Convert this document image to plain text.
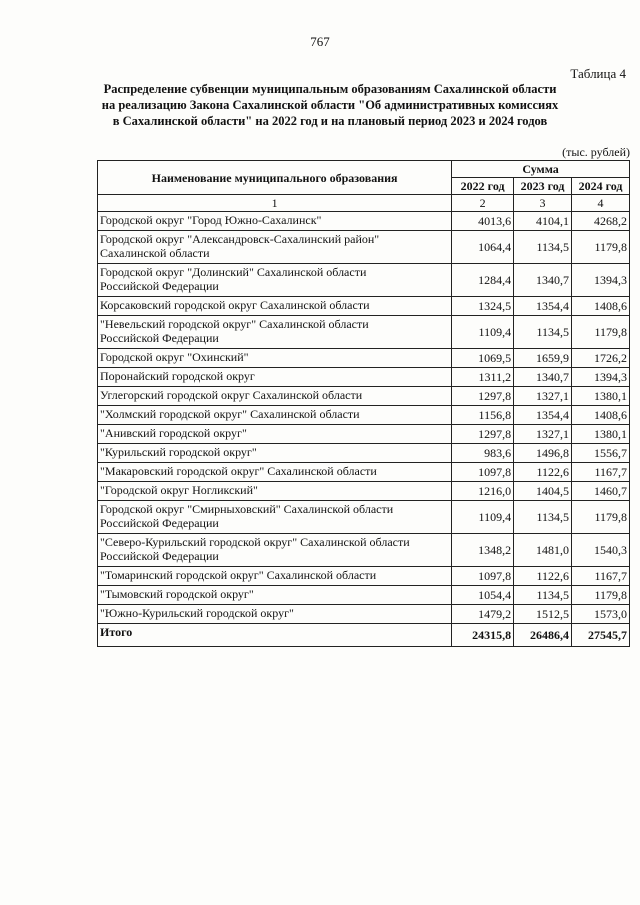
767
Таблица 4
Распределение субвенции муниципальным образованиям Сахалинской области
на реализацию Закона Сахалинской области "Об административных комиссиях
в Сахалинской области" на 2022 год и на плановый период 2023 и 2024 годов
(тыс. рублей)
Наименование муниципального образования	Сумма		
	2022 год	2023 год	2024 год
1	2	3	4

Городской округ "Город Южно-Сахалинск"	4013,6	4104,1	4268,2

Городской округ "Александровск-Сахалинский район"
Сахалинской области	1064,4	1134,5	1179,8

Городской округ "Долинский" Сахалинской области
Российской Федерации	1284,4	1340,7	1394,3

Корсаковский городской округ Сахалинской области	1324,5	1354,4	1408,6

"Невельский городской округ" Сахалинской области
Российской Федерации	1109,4	1134,5	1179,8

Городской округ "Охинский"	1069,5	1659,9	1726,2

Поронайский городской округ	1311,2	1340,7	1394,3

Углегорский городской округ Сахалинской области	1297,8	1327,1	1380,1

"Холмский городской округ" Сахалинской области	1156,8	1354,4	1408,6

"Анивский городской округ"	1297,8	1327,1	1380,1

"Курильский городской округ"	983,6	1496,8	1556,7

"Макаровский городской округ" Сахалинской области	1097,8	1122,6	1167,7

"Городской округ Ногликский"	1216,0	1404,5	1460,7

Городской округ "Смирныховский" Сахалинской области
Российской Федерации	1109,4	1134,5	1179,8

"Северо-Курильский городской округ" Сахалинской области
Российской Федерации	1348,2	1481,0	1540,3

"Томаринский городской округ" Сахалинской области	1097,8	1122,6	1167,7

"Тымовский городской округ"	1054,4	1134,5	1179,8

"Южно-Курильский городской округ"	1479,2	1512,5	1573,0
Итого	24315,8	26486,4	27545,7
